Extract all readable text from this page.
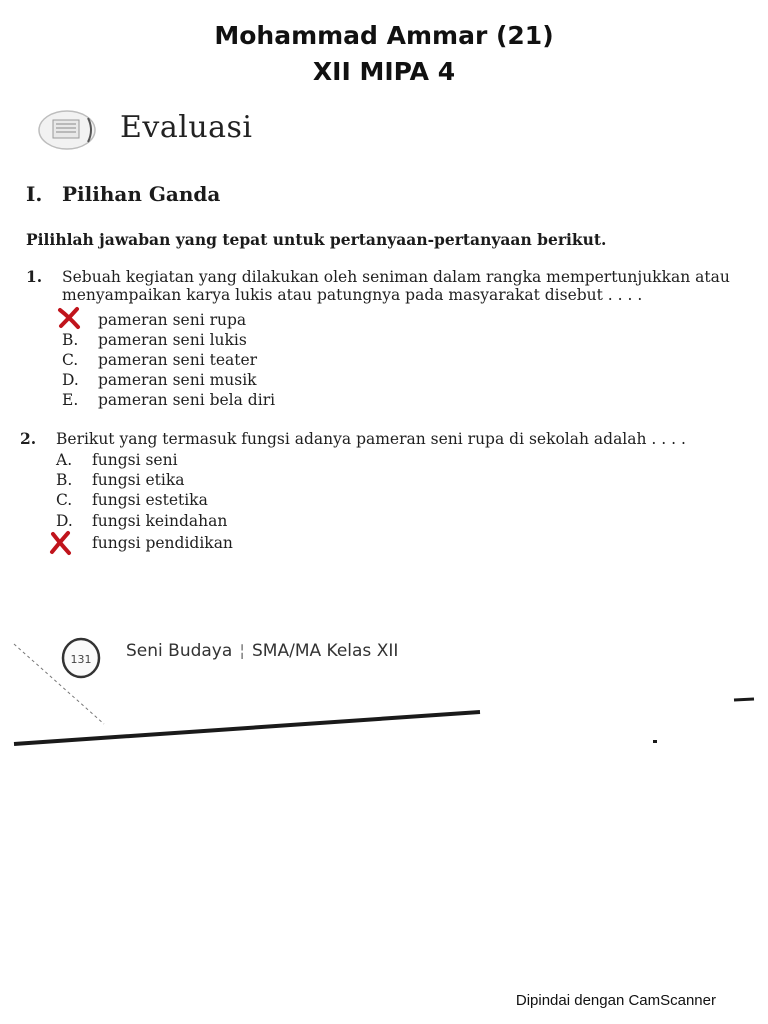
Mohammad Ammar (21)
XII MIPA 4
Evaluasi
I. Pilihan Ganda
Pilihlah jawaban yang tepat untuk pertanyaan-pertanyaan berikut.
1. Sebuah kegiatan yang dilakukan oleh seniman dalam rangka mempertunjukkan atau menyampaikan karya lukis atau patungnya pada masyarakat disebut . . . .
pameran seni rupa
B. pameran seni lukis
C. pameran seni teater
D. pameran seni musik
E. pameran seni bela diri
2. Berikut yang termasuk fungsi adanya pameran seni rupa di sekolah adalah . . . .
A. fungsi seni
B. fungsi etika
C. fungsi estetika
D. fungsi keindahan
fungsi pendidikan
131 Seni Budaya ¦ SMA/MA Kelas XII
Dipindai dengan CamScanner
